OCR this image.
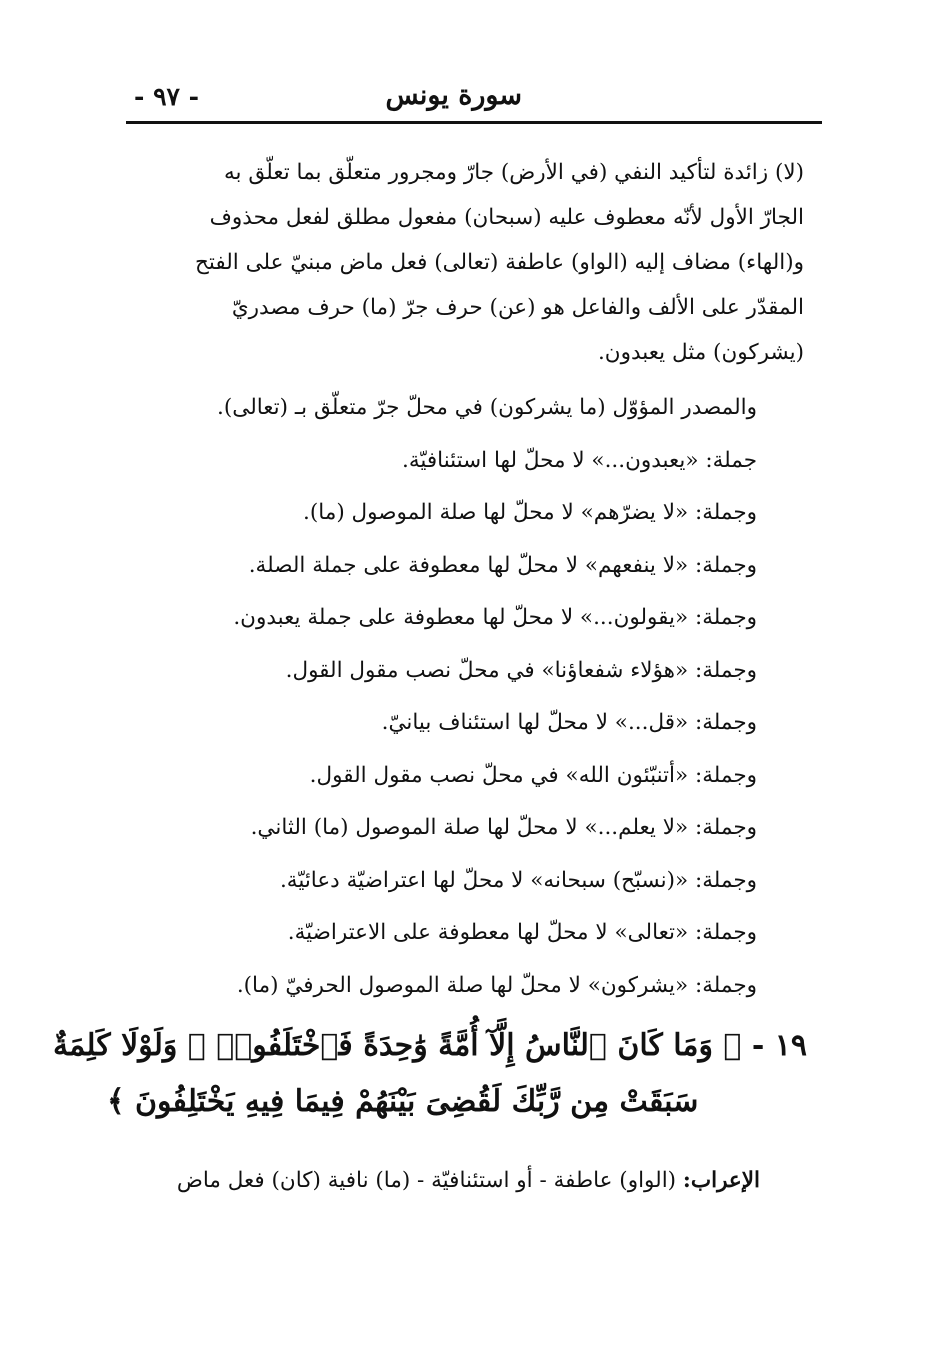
- ٩٧ -	سورة يونس
(لا) زائدة لتأكيد النفي (في الأرض) جارّ ومجرور متعلّق بما تعلّق به
الجارّ الأول لأنّه معطوف عليه (سبحان) مفعول مطلق لفعل محذوف
و(الهاء) مضاف إليه (الواو) عاطفة (تعالى) فعل ماض مبنيّ على الفتح
المقدّر على الألف والفاعل هو (عن) حرف جرّ (ما) حرف مصدريّ
(يشركون) مثل يعبدون.
والمصدر المؤوّل (ما يشركون) في محلّ جرّ متعلّق بـ (تعالى).
جملة: «يعبدون...» لا محلّ لها استئنافيّة.
وجملة: «لا يضرّهم» لا محلّ لها صلة الموصول (ما).
وجملة: «لا ينفعهم» لا محلّ لها معطوفة على جملة الصلة.
وجملة: «يقولون...» لا محلّ لها معطوفة على جملة يعبدون.
وجملة: «هؤلاء شفعاؤنا» في محلّ نصب مقول القول.
وجملة: «قل...» لا محلّ لها استئناف بيانيّ.
وجملة: «أتنبّئون الله» في محلّ نصب مقول القول.
وجملة: «لا يعلم...» لا محلّ لها صلة الموصول (ما) الثاني.
وجملة: «(نسبّح) سبحانه» لا محلّ لها اعتراضيّة دعائيّة.
وجملة: «تعالى» لا محلّ لها معطوفة على الاعتراضيّة.
وجملة: «يشركون» لا محلّ لها صلة الموصول الحرفيّ (ما).
١٩ - ﴿ وَمَا كَانَ ٱلنَّاسُ إِلَّآ أُمَّةً وَٰحِدَةً فَٱخْتَلَفُوا۟ ۚ وَلَوْلَا كَلِمَةٌ
سَبَقَتْ مِن رَّبِّكَ لَقُضِىَ بَيْنَهُمْ فِيمَا فِيهِ يَخْتَلِفُونَ ﴾
الإعراب: (الواو) عاطفة - أو استئنافيّة - (ما) نافية (كان) فعل ماض
